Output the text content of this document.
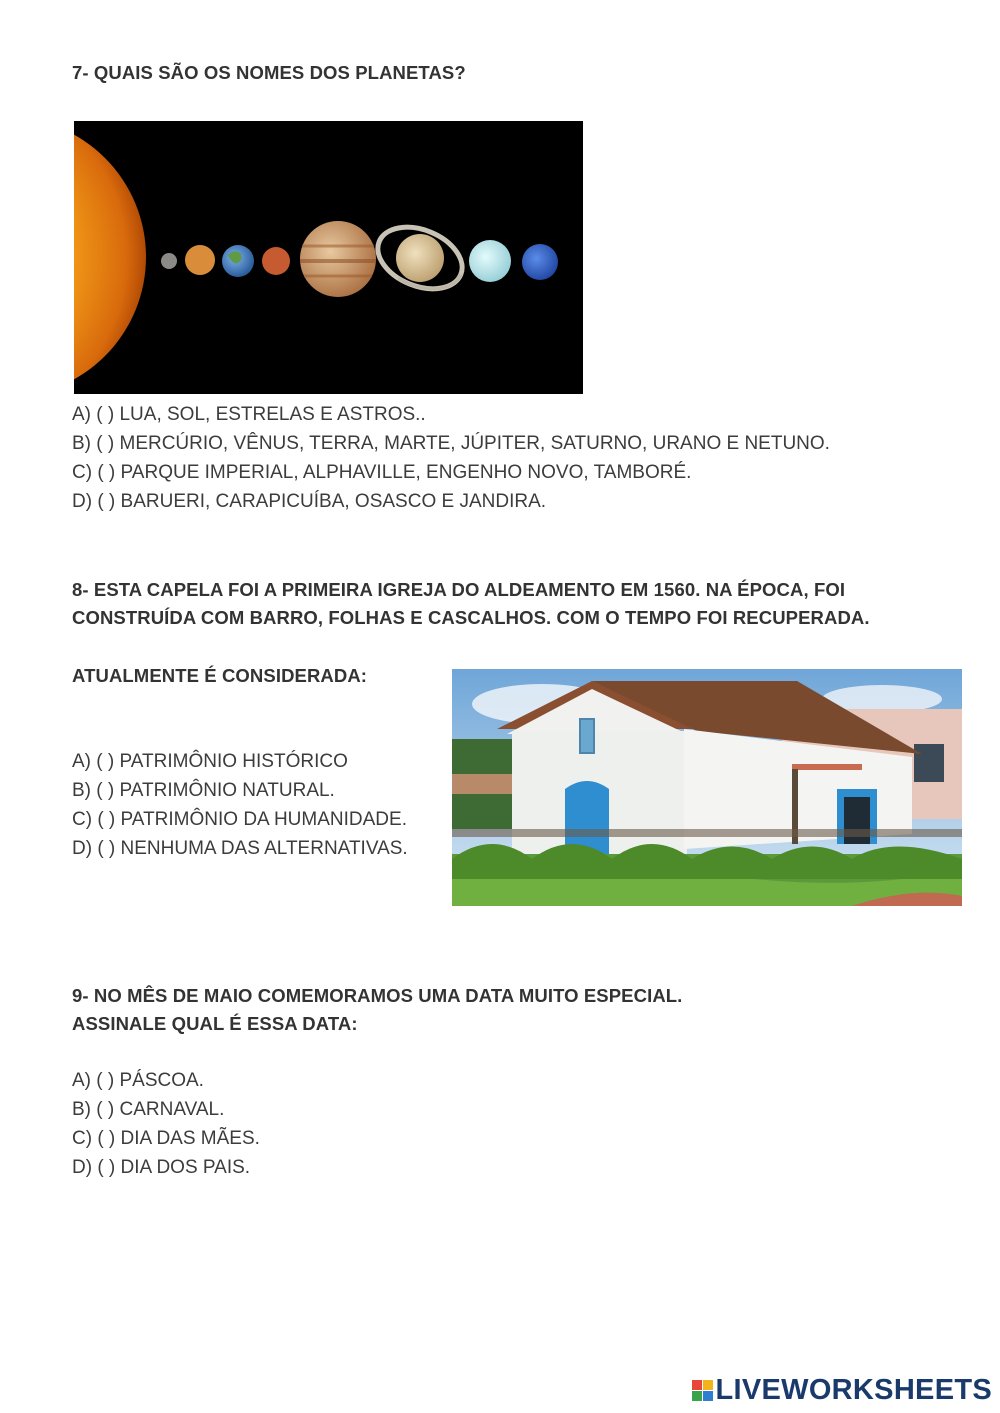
7- QUAIS SÃO OS NOMES DOS PLANETAS?

A) ( ) LUA, SOL, ESTRELAS E ASTROS..
B) ( ) MERCÚRIO, VÊNUS, TERRA, MARTE, JÚPITER, SATURNO, URANO E NETUNO.
C) ( ) PARQUE IMPERIAL, ALPHAVILLE, ENGENHO NOVO, TAMBORÉ.
D) ( ) BARUERI, CARAPICUÍBA, OSASCO E JANDIRA.

8- ESTA CAPELA FOI A PRIMEIRA IGREJA DO ALDEAMENTO EM 1560. NA ÉPOCA, FOI

CONSTRUÍDA COM BARRO, FOLHAS E CASCALHOS. COM O TEMPO FOI RECUPERADA.

ATUALMENTE É CONSIDERADA:

A) ( ) PATRIMÔNIO HISTÓRICO
B) ( ) PATRIMÔNIO NATURAL.
C) ( ) PATRIMÔNIO DA HUMANIDADE.
D) ( ) NENHUMA DAS ALTERNATIVAS.

9- NO MÊS DE MAIO COMEMORAMOS UMA DATA MUITO ESPECIAL.

ASSINALE QUAL É ESSA DATA:

A) ( ) PÁSCOA.
B) ( ) CARNAVAL.
C) ( ) DIA DAS MÃES.
D) ( ) DIA DOS PAIS.
LIVEWORKSHEETS
